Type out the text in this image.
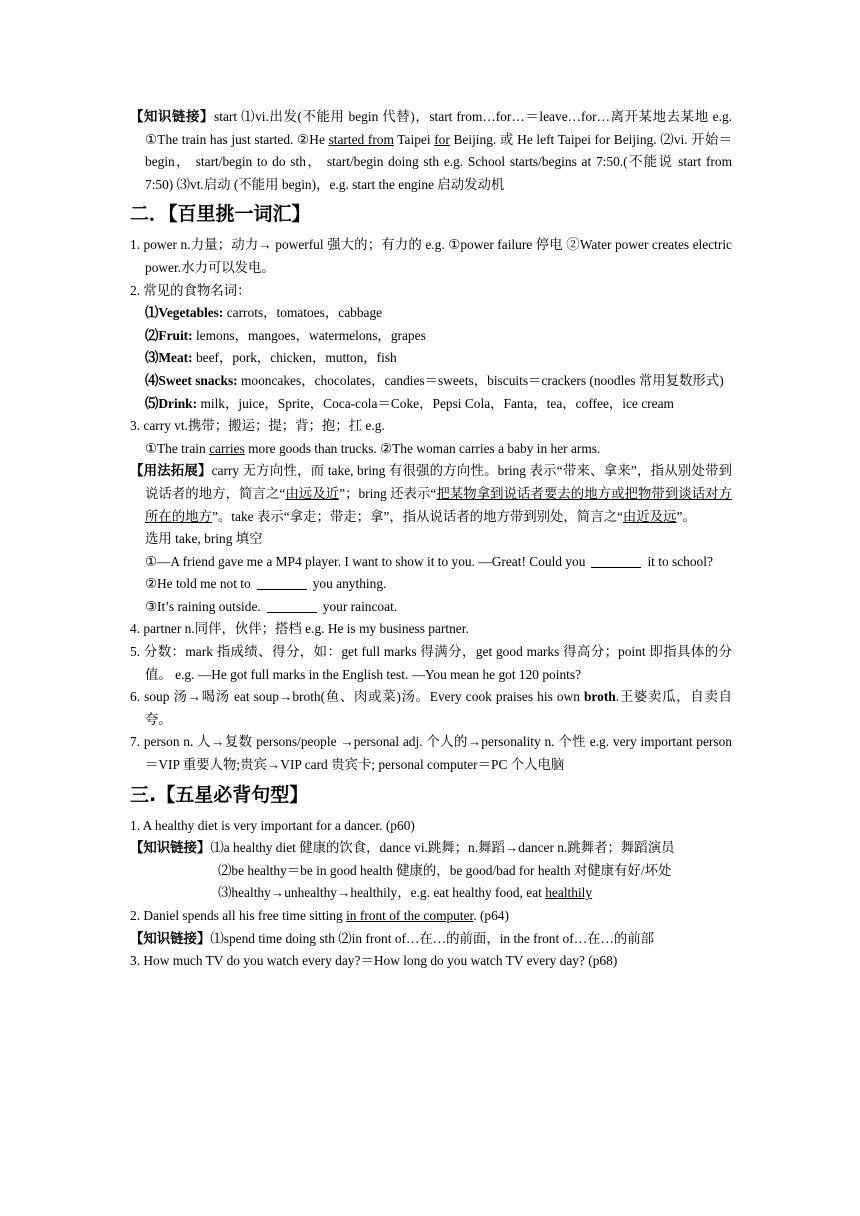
【知识链接】start ⑴vi.出发(不能用 begin 代替)，start from…for…＝leave…for…离开某地去某地 e.g. ①The train has just started. ②He started from Taipei for Beijing. 或 He left Taipei for Beijing. ⑵vi. 开始＝begin， start/begin to do sth， start/begin doing sth e.g. School starts/begins at 7:50.(不能说 start from 7:50) ⑶vt.启动 (不能用 begin)，e.g. start the engine 启动发动机

二．【百里挑一词汇】

1. power n.力量；动力→ powerful 强大的；有力的 e.g. ①power failure 停电 ②Water power creates electric power.水力可以发电。

2. 常见的食物名词：

⑴Vegetables: carrots，tomatoes，cabbage

⑵Fruit: lemons，mangoes，watermelons，grapes

⑶Meat: beef，pork，chicken，mutton，fish

⑷Sweet snacks: mooncakes，chocolates，candies＝sweets，biscuits＝crackers (noodles 常用复数形式)

⑸Drink: milk，juice，Sprite，Coca-cola＝Coke，Pepsi Cola，Fanta，tea，coffee，ice cream

3. carry vt.携带；搬运；提；背；抱；扛 e.g.

①The train carries more goods than trucks. ②The woman carries a baby in her arms.

【用法拓展】carry 无方向性，而 take, bring 有很强的方向性。bring 表示“带来、拿来”，指从别处带到说话者的地方，简言之“由远及近”；bring 还表示“把某物拿到说话者要去的地方或把物带到谈话对方所在的地方”。take 表示“拿走；带走；拿”，指从说话者的地方带到别处，简言之“由近及远”。

选用 take, bring 填空

①—A friend gave me a MP4 player. I want to show it to you. —Great! Could you	it to school?

②He told me not to	you anything.

③It’s raining outside.	your raincoat.

4. partner n.同伴，伙伴；搭档 e.g. He is my business partner.

5. 分数：mark 指成绩、得分，如：get full marks 得满分，get good marks 得高分；point 即指具体的分值。 e.g. —He got full marks in the English test. —You mean he got 120 points?

6. soup 汤→喝汤 eat soup→broth(鱼、肉或菜)汤。Every cook praises his own broth.王婆卖瓜，自卖自夸。

7. person n. 人→复数 persons/people →personal adj. 个人的→personality n. 个性 e.g. very important person＝VIP 重要人物;贵宾→VIP card 贵宾卡; personal computer＝PC 个人电脑

三.【五星必背句型】

1. A healthy diet is very important for a dancer. (p60)

【知识链接】⑴a healthy diet 健康的饮食，dance vi.跳舞；n.舞蹈→dancer n.跳舞者；舞蹈演员

⑵be healthy＝be in good health 健康的，be good/bad for health 对健康有好/坏处

⑶healthy→unhealthy→healthily，e.g. eat healthy food, eat healthily

2. Daniel spends all his free time sitting in front of the computer. (p64)

【知识链接】⑴spend time doing sth ⑵in front of…在…的前面，in the front of…在…的前部

3. How much TV do you watch every day?＝How long do you watch TV every day? (p68)
